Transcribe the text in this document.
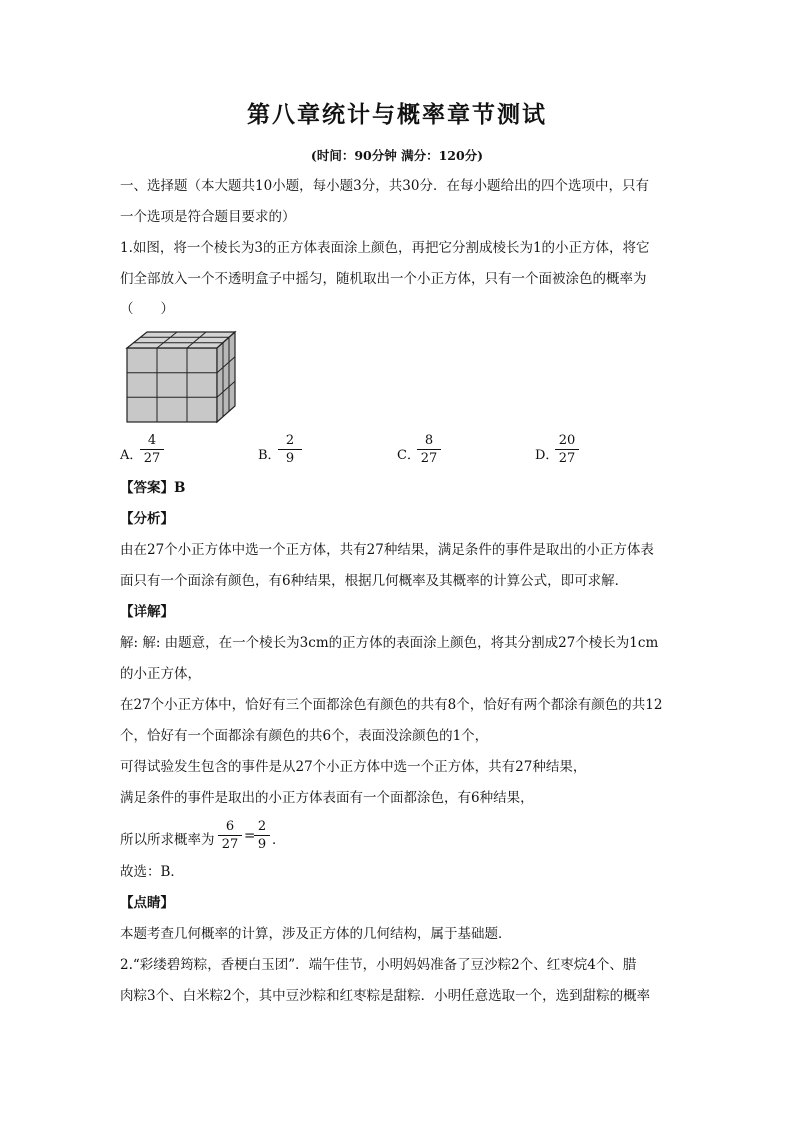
第八章统计与概率章节测试
(时间：90分钟 满分：120分)
一、选择题（本大题共10小题，每小题3分，共30分．在每小题给出的四个选项中，只有
一个选项是符合题目要求的）
1.如图，将一个棱长为3的正方体表面涂上颜色，再把它分割成棱长为1的小正方体，将它
们全部放入一个不透明盒子中摇匀，随机取出一个小正方体，只有一个面被涂色的概率为
（　　）
A．
$\frac{4}{27}$	B．
$\frac{2}{9}$	C．
$\frac{8}{27}$	D．
$\frac{20}{27}$
【答案】B
【分析】
由在27个小正方体中选一个正方体，共有27种结果，满足条件的事件是取出的小正方体表
面只有一个面涂有颜色，有6种结果，根据几何概率及其概率的计算公式，即可求解．
【详解】
解: 解: 由题意，在一个棱长为3cm的正方体的表面涂上颜色，将其分割成27个棱长为1cm
的小正方体，
在27个小正方体中，恰好有三个面都涂色有颜色的共有8个，恰好有两个都涂有颜色的共12
个，恰好有一个面都涂有颜色的共6个，表面没涂颜色的1个，
可得试验发生包含的事件是从27个小正方体中选一个正方体，共有27种结果，
满足条件的事件是取出的小正方体表面有一个面都涂色，有6种结果，
所以所求概率为 $\frac{6}{27}$ =
$\frac{2}{9}$ ．
故选：B．
【点睛】
本题考查几何概率的计算，涉及正方体的几何结构，属于基础题．
2.“彩缕碧筠粽，香梗白玉团”．端午佳节，小明妈妈准备了豆沙粽2个、红枣烷4个、腊
肉粽3个、白米粽2个，其中豆沙粽和红枣粽是甜粽．小明任意选取一个，选到甜粽的概率
